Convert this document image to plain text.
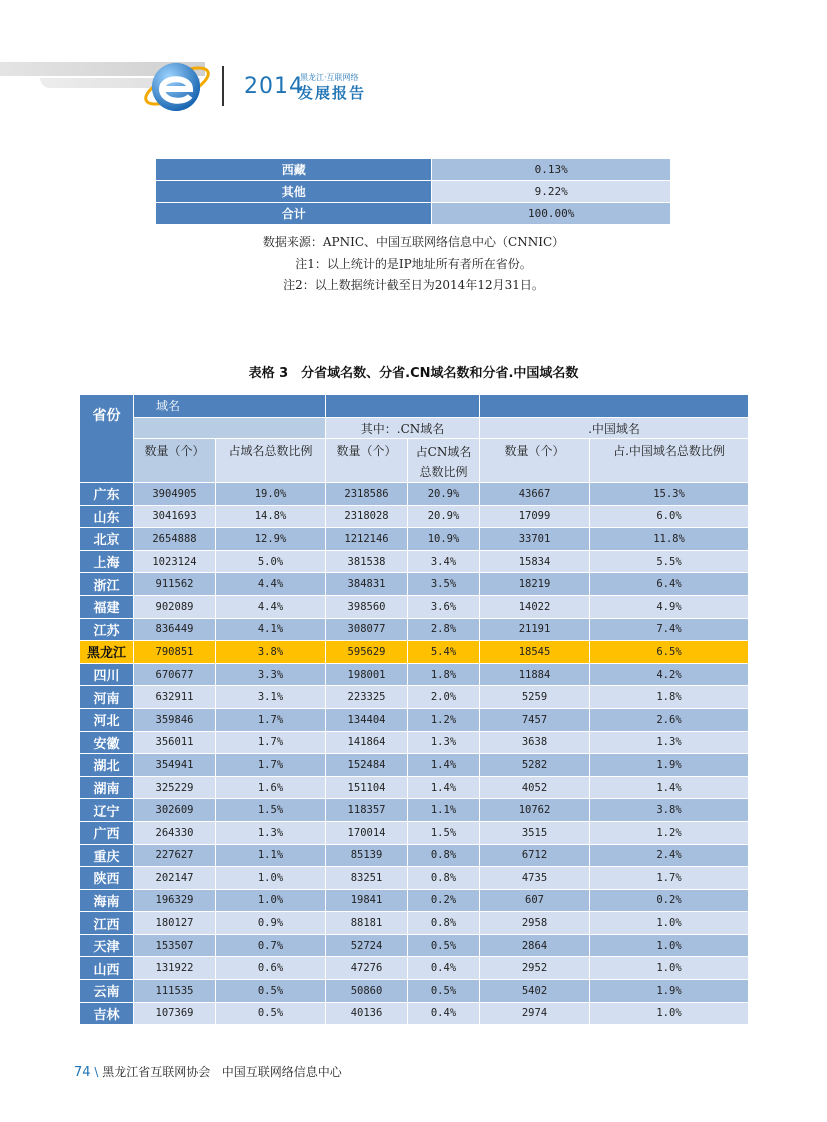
2014
黑龙江·互联网络
发展报告
西藏	0.13%
其他	9.22%
合计	100.00%
数据来源：APNIC、中国互联网络信息中心（CNNIC）
注1：以上统计的是IP地址所有者所在省份。
注2：以上数据统计截至日为2014年12月31日。
表格 3　分省域名数、分省.CN域名数和分省.中国域名数
省份	域名					
			其中：.CN域名		.中国域名	
	数量（个）	占域名总数比例	数量（个）	占CN域名
总数比例	数量（个）	占.中国域名总数比例
广东	3904905	19.0%	2318586	20.9%	43667	15.3%
山东	3041693	14.8%	2318028	20.9%	17099	6.0%
北京	2654888	12.9%	1212146	10.9%	33701	11.8%
上海	1023124	5.0%	381538	3.4%	15834	5.5%
浙江	911562	4.4%	384831	3.5%	18219	6.4%
福建	902089	4.4%	398560	3.6%	14022	4.9%
江苏	836449	4.1%	308077	2.8%	21191	7.4%
黑龙江	790851	3.8%	595629	5.4%	18545	6.5%
四川	670677	3.3%	198001	1.8%	11884	4.2%
河南	632911	3.1%	223325	2.0%	5259	1.8%
河北	359846	1.7%	134404	1.2%	7457	2.6%
安徽	356011	1.7%	141864	1.3%	3638	1.3%
湖北	354941	1.7%	152484	1.4%	5282	1.9%
湖南	325229	1.6%	151104	1.4%	4052	1.4%
辽宁	302609	1.5%	118357	1.1%	10762	3.8%
广西	264330	1.3%	170014	1.5%	3515	1.2%
重庆	227627	1.1%	85139	0.8%	6712	2.4%
陕西	202147	1.0%	83251	0.8%	4735	1.7%
海南	196329	1.0%	19841	0.2%	607	0.2%
江西	180127	0.9%	88181	0.8%	2958	1.0%
天津	153507	0.7%	52724	0.5%	2864	1.0%
山西	131922	0.6%	47276	0.4%	2952	1.0%
云南	111535	0.5%	50860	0.5%	5402	1.9%
吉林	107369	0.5%	40136	0.4%	2974	1.0%
74 \ 黑龙江省互联网协会 中国互联网络信息中心
